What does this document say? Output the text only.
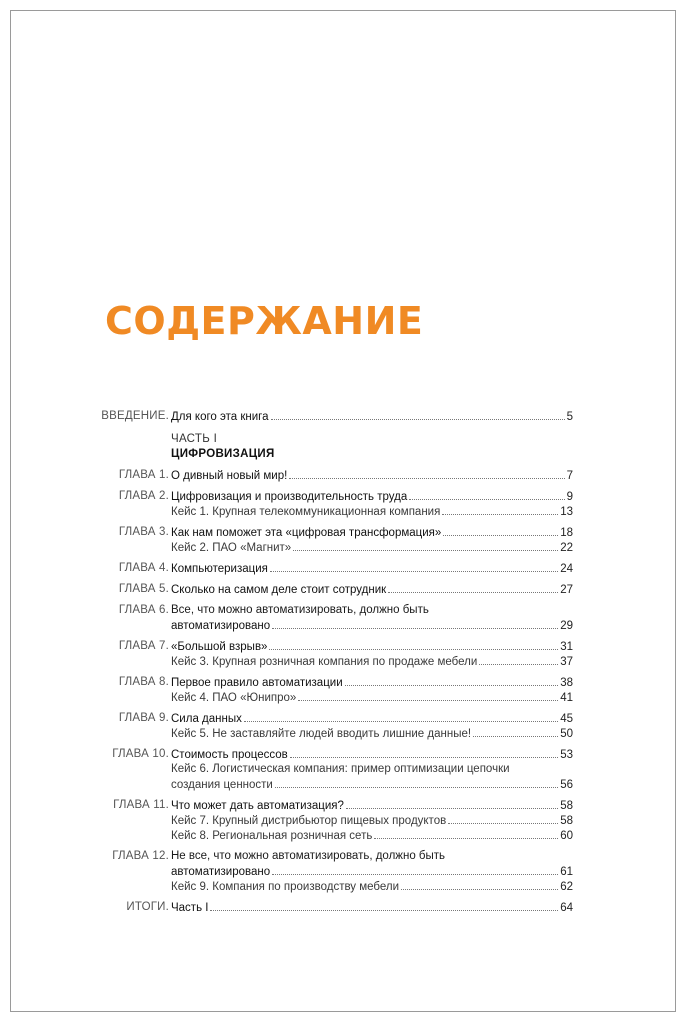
СОДЕРЖАНИЕ
ВВЕДЕНИЕ. Для кого эта книга	5
ЧАСТЬ I
ЦИФРОВИЗАЦИЯ
ГЛАВА 1. О дивный новый мир!	7
ГЛАВА 2. Цифровизация и производительность труда	9
Кейс 1. Крупная телекоммуникационная компания	13
ГЛАВА 3. Как нам поможет эта «цифровая трансформация»	18
Кейс 2. ПАО «Магнит»	22
ГЛАВА 4. Компьютеризация	24
ГЛАВА 5. Сколько на самом деле стоит сотрудник	27
ГЛАВА 6. Все, что можно автоматизировать, должно быть
автоматизировано	29
ГЛАВА 7. «Большой взрыв»	31
Кейс 3. Крупная розничная компания по продаже мебели	37
ГЛАВА 8. Первое правило автоматизации	38
Кейс 4. ПАО «Юнипро»	41
ГЛАВА 9. Сила данных	45
Кейс 5. Не заставляйте людей вводить лишние данные!	50
ГЛАВА 10. Стоимость процессов	53
Кейс 6. Логистическая компания: пример оптимизации цепочки
создания ценности	56
ГЛАВА 11. Что может дать автоматизация?	58
Кейс 7. Крупный дистрибьютор пищевых продуктов	58
Кейс 8. Региональная розничная сеть	60
ГЛАВА 12. Не все, что можно автоматизировать, должно быть
автоматизировано	61
Кейс 9. Компания по производству мебели	62
ИТОГИ. Часть I	64
